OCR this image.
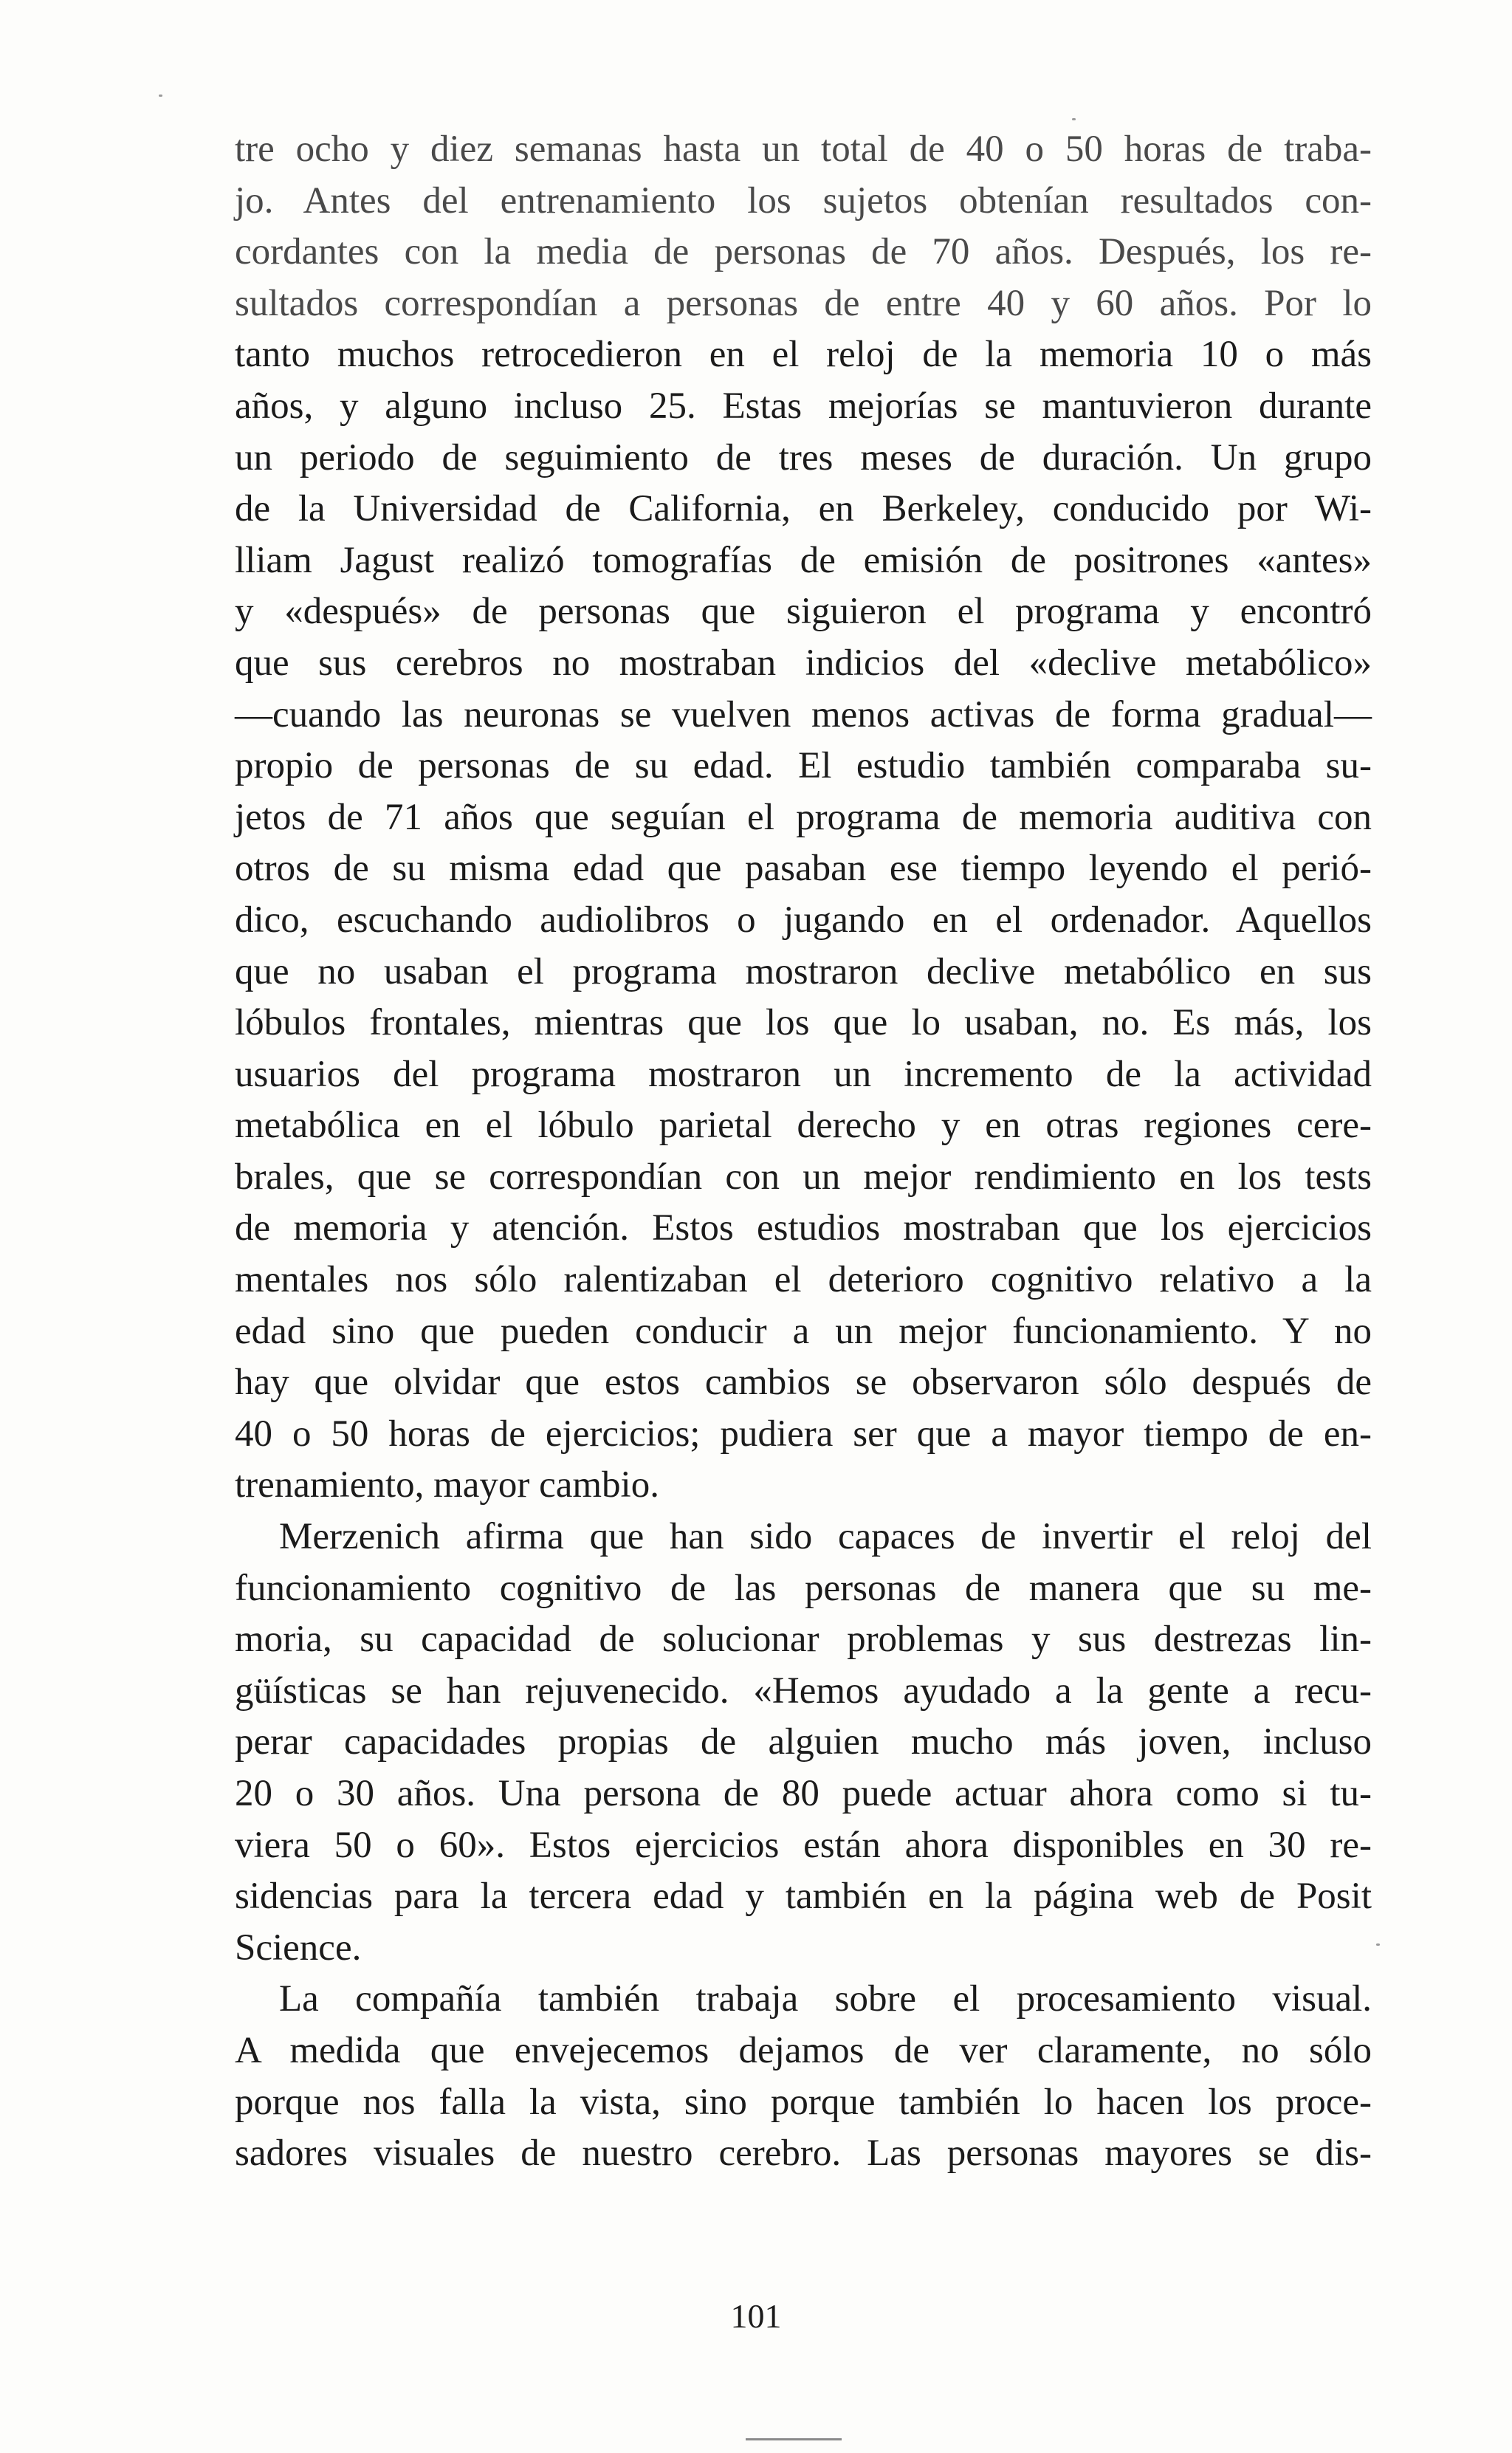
tre ocho y diez semanas hasta un total de 40 o 50 horas de traba-
jo. Antes del entrenamiento los sujetos obtenían resultados con-
cordantes con la media de personas de 70 años. Después, los re-
sultados correspondían a personas de entre 40 y 60 años. Por lo
tanto muchos retrocedieron en el reloj de la memoria 10 o más
años, y alguno incluso 25. Estas mejorías se mantuvieron durante
un periodo de seguimiento de tres meses de duración. Un grupo
de la Universidad de California, en Berkeley, conducido por Wi-
lliam Jagust realizó tomografías de emisión de positrones «antes»
y «después» de personas que siguieron el programa y encontró
que sus cerebros no mostraban indicios del «declive metabólico»
—cuando las neuronas se vuelven menos activas de forma gradual—
propio de personas de su edad. El estudio también comparaba su-
jetos de 71 años que seguían el programa de memoria auditiva con
otros de su misma edad que pasaban ese tiempo leyendo el perió-
dico, escuchando audiolibros o jugando en el ordenador. Aquellos
que no usaban el programa mostraron declive metabólico en sus
lóbulos frontales, mientras que los que lo usaban, no. Es más, los
usuarios del programa mostraron un incremento de la actividad
metabólica en el lóbulo parietal derecho y en otras regiones cere-
brales, que se correspondían con un mejor rendimiento en los tests
de memoria y atención. Estos estudios mostraban que los ejercicios
mentales nos sólo ralentizaban el deterioro cognitivo relativo a la
edad sino que pueden conducir a un mejor funcionamiento. Y no
hay que olvidar que estos cambios se observaron sólo después de
40 o 50 horas de ejercicios; pudiera ser que a mayor tiempo de en-
trenamiento, mayor cambio.
Merzenich afirma que han sido capaces de invertir el reloj del
funcionamiento cognitivo de las personas de manera que su me-
moria, su capacidad de solucionar problemas y sus destrezas lin-
güísticas se han rejuvenecido. «Hemos ayudado a la gente a recu-
perar capacidades propias de alguien mucho más joven, incluso
20 o 30 años. Una persona de 80 puede actuar ahora como si tu-
viera 50 o 60». Estos ejercicios están ahora disponibles en 30 re-
sidencias para la tercera edad y también en la página web de Posit
Science.
La compañía también trabaja sobre el procesamiento visual.
A medida que envejecemos dejamos de ver claramente, no sólo
porque nos falla la vista, sino porque también lo hacen los proce-
sadores visuales de nuestro cerebro. Las personas mayores se dis-
101
